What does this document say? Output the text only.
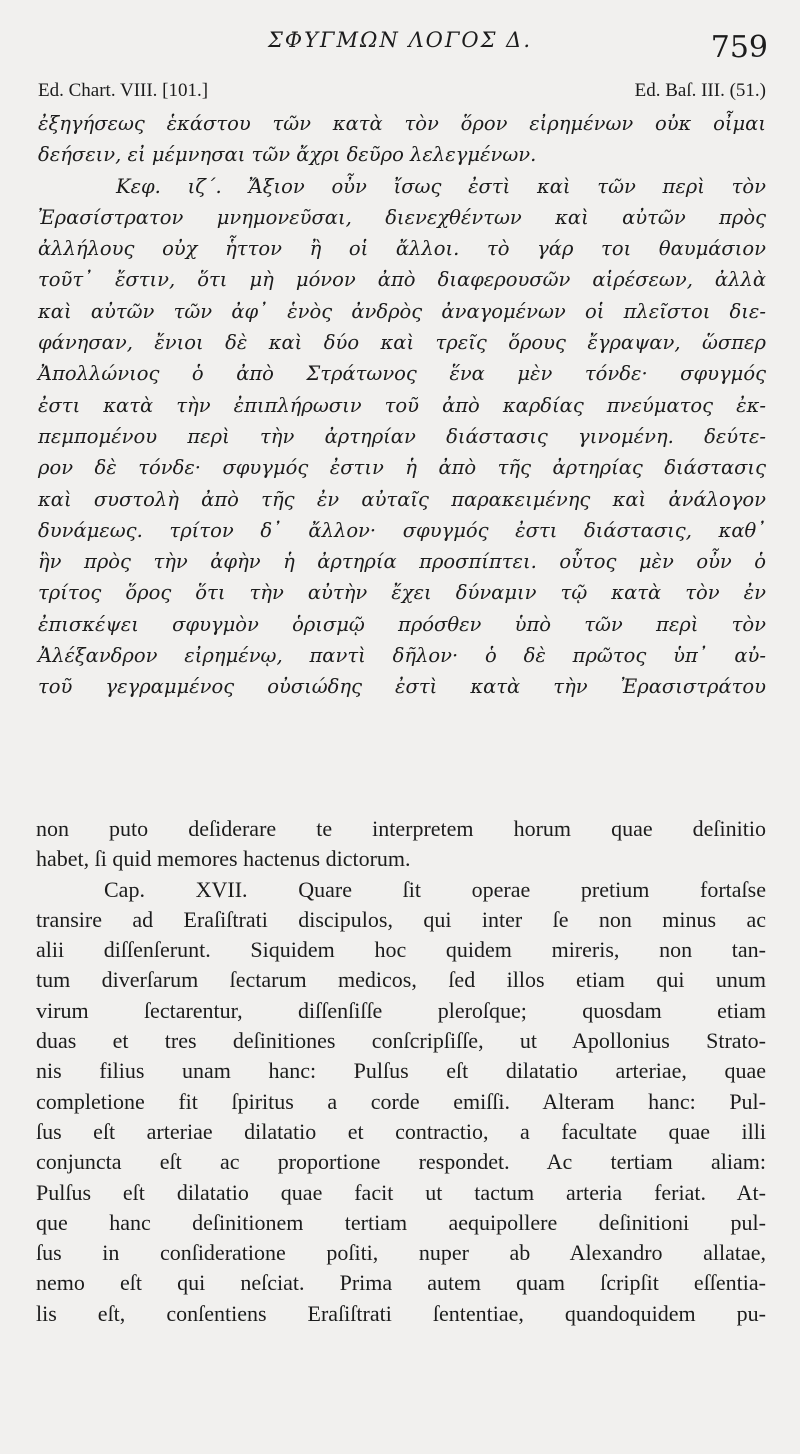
ΣΦΥΓΜΩΝ ΛΟΓΟΣ Δ.	759
Ed. Chart. VIII. [101.]	Ed. Baſ. III. (51.)
ἐξηγήσεως ἑκάστου τῶν κατὰ τὸν ὅρον εἰρημένων οὐκ οἶμαι
δεήσειν, εἰ μέμνησαι τῶν ἄχρι δεῦρο λελεγμένων.
Κεφ. ιζ΄. Ἄξιον οὖν ἴσως ἐστὶ καὶ τῶν περὶ τὸν
Ἐρασίστρατον μνημονεῦσαι, διενεχθέντων καὶ αὐτῶν πρὸς
ἀλλήλους οὐχ ἧττον ἢ οἱ ἄλλοι. τὸ γάρ τοι θαυμάσιον
τοῦτ᾽ ἔστιν, ὅτι μὴ μόνον ἀπὸ διαφερουσῶν αἱρέσεων, ἀλλὰ
καὶ αὐτῶν τῶν ἀφ᾽ ἑνὸς ἀνδρὸς ἀναγομένων οἱ πλεῖστοι διε-
φάνησαν, ἔνιοι δὲ καὶ δύο καὶ τρεῖς ὅρους ἔγραψαν, ὥσπερ
Ἀπολλώνιος ὁ ἀπὸ Στράτωνος ἕνα μὲν τόνδε· σφυγμός
ἐστι κατὰ τὴν ἐπιπλήρωσιν τοῦ ἀπὸ καρδίας πνεύματος ἐκ-
πεμπομένου περὶ τὴν ἀρτηρίαν διάστασις γινομένη. δεύτε-
ρον δὲ τόνδε· σφυγμός ἐστιν ἡ ἀπὸ τῆς ἀρτηρίας διάστασις
καὶ συστολὴ ἀπὸ τῆς ἐν αὐταῖς παρακειμένης καὶ ἀνάλογον
δυνάμεως. τρίτον δ᾽ ἄλλον· σφυγμός ἐστι διάστασις, καθ᾽
ἣν πρὸς τὴν ἀφὴν ἡ ἀρτηρία προσπίπτει. οὗτος μὲν οὖν ὁ
τρίτος ὅρος ὅτι τὴν αὐτὴν ἔχει δύναμιν τῷ κατὰ τὸν ἐν
ἐπισκέψει σφυγμὸν ὁρισμῷ πρόσθεν ὑπὸ τῶν περὶ τὸν
Ἀλέξανδρον εἰρημένῳ, παντὶ δῆλον· ὁ δὲ πρῶτος ὑπ᾽ αὐ-
τοῦ γεγραμμένος οὐσιώδης ἐστὶ κατὰ τὴν Ἐρασιστράτου
non puto deſiderare te interpretem horum quae deſinitio
habet, ſi quid memores hactenus dictorum.
Cap. XVII. Quare ſit operae pretium fortaſse
transire ad Eraſiſtrati discipulos, qui inter ſe non minus ac
alii diſſenſerunt. Siquidem hoc quidem mireris, non tan-
tum diverſarum ſectarum medicos, ſed illos etiam qui unum
virum ſectarentur, diſſenſiſſe pleroſque; quosdam etiam
duas et tres deſinitiones conſcripſiſſe, ut Apollonius Strato-
nis filius unam hanc: Pulſus eſt dilatatio arteriae, quae
completione fit ſpiritus a corde emiſſi. Alteram hanc: Pul-
ſus eſt arteriae dilatatio et contractio, a facultate quae illi
conjuncta eſt ac proportione respondet. Ac tertiam aliam:
Pulſus eſt dilatatio quae facit ut tactum arteria feriat. At-
que hanc deſinitionem tertiam aequipollere deſinitioni pul-
ſus in conſideratione poſiti, nuper ab Alexandro allatae,
nemo eſt qui neſciat. Prima autem quam ſcripſit eſſentia-
lis eſt, conſentiens Eraſiſtrati ſententiae, quandoquidem pu-
